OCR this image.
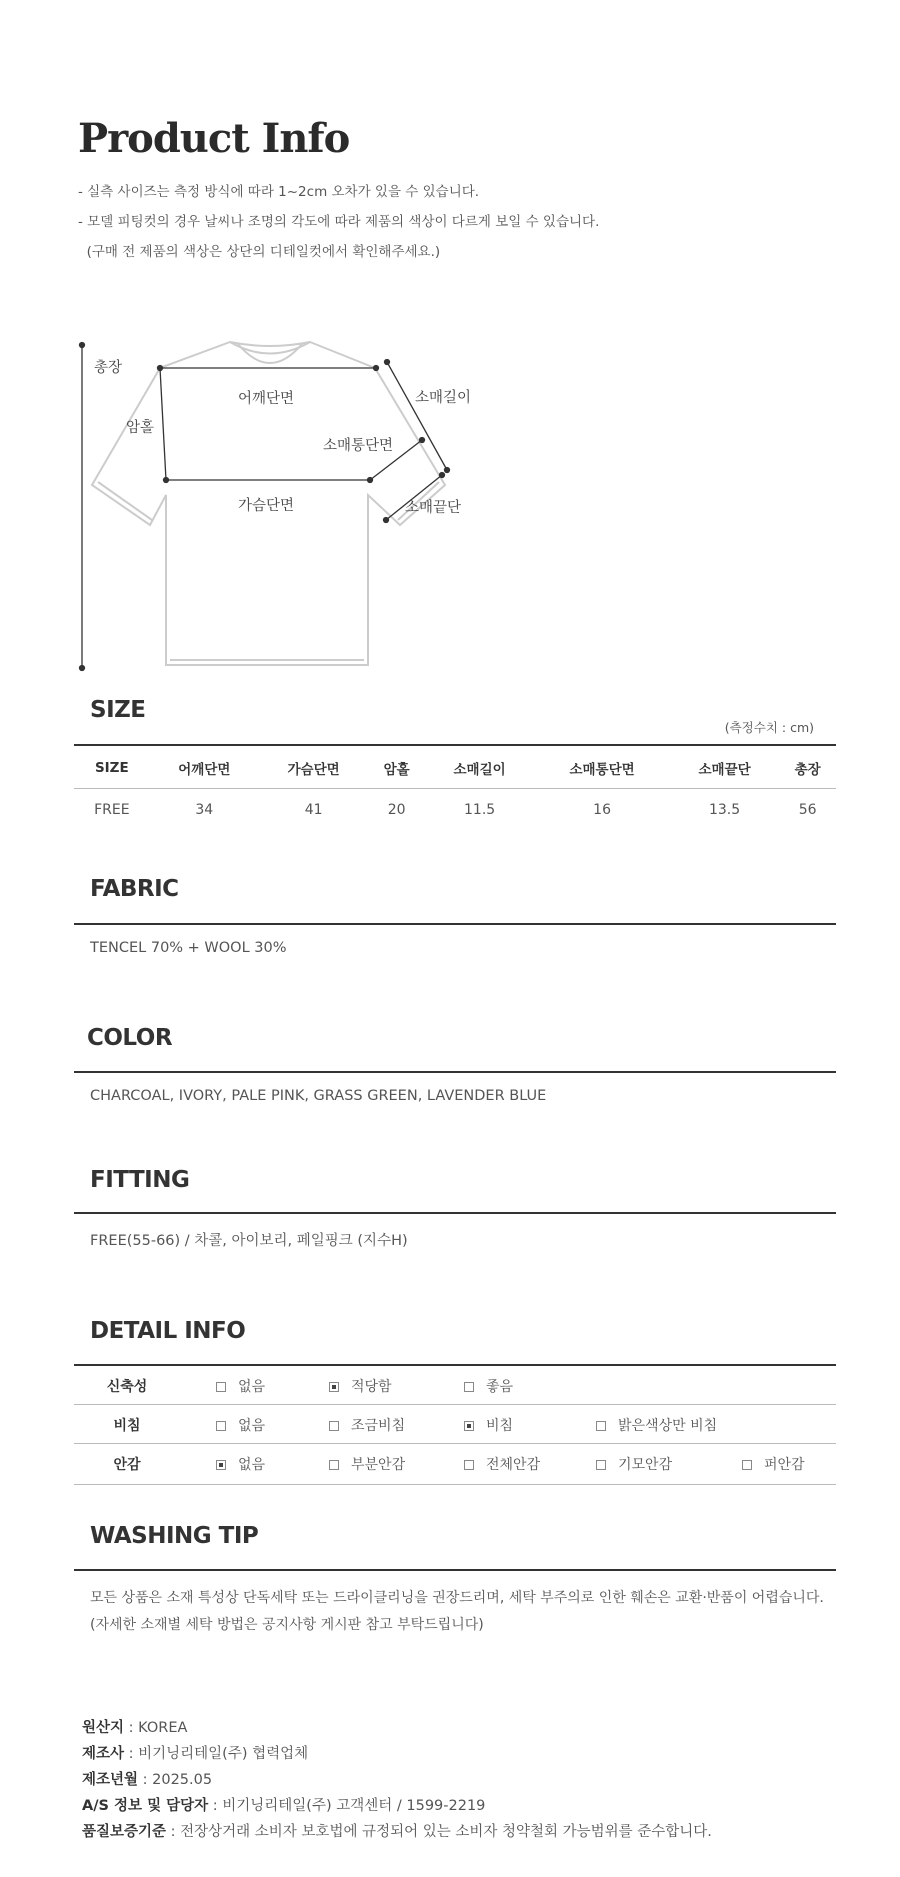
Product Info
- 실측 사이즈는 측정 방식에 따라 1~2cm 오차가 있을 수 있습니다.
- 모델 피팅컷의 경우 날씨나 조명의 각도에 따라 제품의 색상이 다르게 보일 수 있습니다.
(구매 전 제품의 색상은 상단의 디테일컷에서 확인해주세요.)
총장
어깨단면
암홀
소매길이
소매통단면
가슴단면	소매끝단
SIZE
(측정수치 : cm)
SIZE	어깨단면	가슴단면	암홀	소매길이	소매통단면	소매끝단	총장
FREE	34	41	20	11.5	16	13.5	56
FABRIC
TENCEL 70% + WOOL 30%
COLOR
CHARCOAL, IVORY, PALE PINK, GRASS GREEN, LAVENDER BLUE
FITTING
FREE(55-66) / 차콜, 아이보리, 페일핑크 (지수H)
DETAIL INFO
신축성	없음	적당함	좋음
비침	없음	조금비침	비침	밝은색상만 비침
안감	없음	부분안감	전체안감	기모안감	퍼안감
WASHING TIP
모든 상품은 소재 특성상 단독세탁 또는 드라이클리닝을 권장드리며, 세탁 부주의로 인한 훼손은 교환·반품이 어렵습니다.
(자세한 소재별 세탁 방법은 공지사항 게시판 참고 부탁드립니다)
원산지 : KOREA
제조사 : 비기닝리테일(주) 협력업체
제조년월 : 2025.05
A/S 정보 및 담당자 : 비기닝리테일(주) 고객센터 / 1599-2219
품질보증기준 : 전장상거래 소비자 보호법에 규정되어 있는 소비자 청약철회 가능범위를 준수합니다.
